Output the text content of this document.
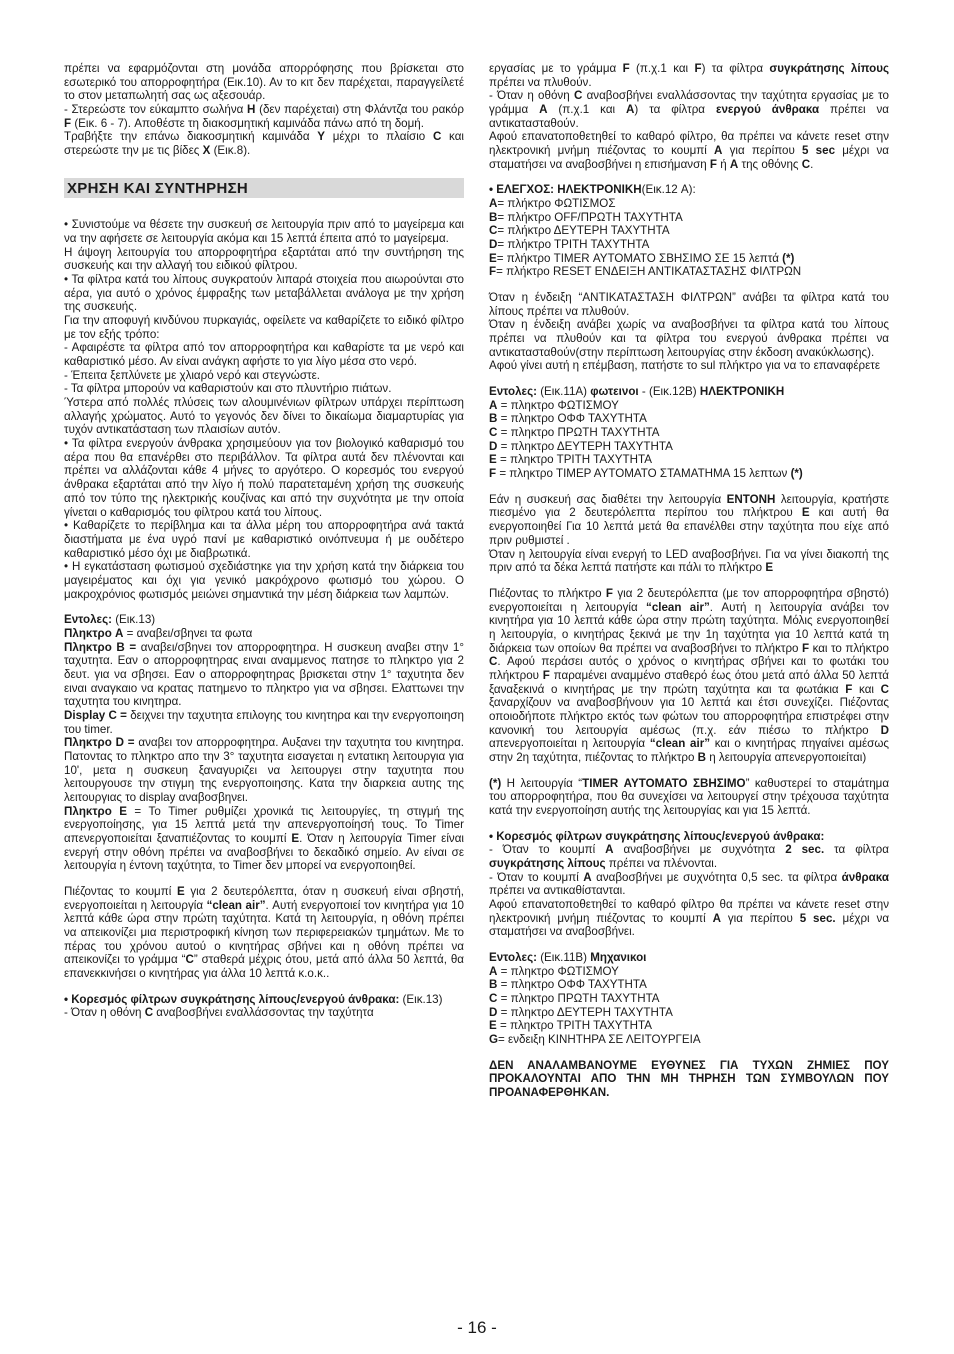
πρέπει να εφαρμόζονται στη μονάδα απορρόφησης που βρίσκεται στο εσωτερικό του απορροφητήρα (Εικ.10). Αν το κιτ δεν παρέχεται, παραγγείλετέ το στον μεταπωλητή σας ως αξεσουάρ.
- Στερεώστε τον εύκαμπτο σωλήνα H (δεν παρέχεται) στη Φλάντζα του ρακόρ F (Εικ. 6 - 7). Αποθέστε τη διακοσμητική καμινάδα πάνω από τη δομή.
Τραβήξτε την επάνω διακοσμητική καμινάδα Y μέχρι το πλαίσιο C και στερεώστε την με τις βίδες X (Εικ.8).
ΧΡΗΣΗ ΚΑΙ ΣΥΝΤΗΡΗΣΗ
• Συνιστούμε να θέσετε την συσκευή σε λειτουργία πριν από το μαγείρεμα και να την αφήσετε σε λειτουργία ακόμα και 15 λεπτά έπειτα από το μαγείρεμα.
Η άψογη λειτουργία του απορροφητήρα εξαρτάται από την συντήρηση της συσκευής και την αλλαγή του ειδικού φίλτρου.
• Τα φίλτρα κατά του λίπους συγκρατούν λιπαρά στοιχεία που αιωρούνται στο αέρα, για αυτό ο χρόνος έμφραξης των μεταβάλλεται ανάλογα με την χρήση της συσκευής.
Για την αποφυγή κινδύνου πυρκαγιάς, οφείλετε να καθαρίζετε το ειδικό φίλτρο με τον εξής τρόπο:
- Αφαιρέστε τα φίλτρα από τον απορροφητήρα και καθαρίστε τα με νερό και καθαριστικό μέσο. Αν είναι ανάγκη αφήστε το για λίγο μέσα στο νερό.
- Έπειτα ξεπλύνετε με χλιαρό νερό και στεγνώστε.
- Τα φίλτρα μπορούν να καθαριστούν και στο πλυντήριο πιάτων.
Ύστερα από πολλές πλύσεις των αλουμινένιων φίλτρων υπάρχει περίπτωση αλλαγής χρώματος. Αυτό το γεγονός δεν δίνει το δικαίωμα διαμαρτυρίας για τυχόν αντικατάσταση των πλαισίων αυτόν.
• Τα φίλτρα ενεργούν άνθρακα χρησιμεύουν για τον βιολογικό καθαρισμό του αέρα που θα επανέρθει στο περιβάλλον. Τα φίλτρα αυτά δεν πλένονται και πρέπει να αλλάζονται κάθε 4 μήνες το αργότερο. Ο κορεσμός του ενεργού άνθρακα εξαρτάται από την λίγο ή πολύ παρατεταμένη χρήση της συσκευής από τον τύπο της ηλεκτρικής κουζίνας και από την συχνότητα με την οποία γίνεται ο καθαρισμός του φίλτρου κατά του λίπους.
• Καθαρίζετε το περίβλημα και τα άλλα μέρη του απορροφητήρα ανά τακτά διαστήματα με ένα υγρό πανί με καθαριστικό οινόπνευμα ή με ουδέτερο καθαριστικό μέσο όχι με διαβρωτικά.
• Η εγκατάσταση φωτισμού σχεδιάστηκε για την χρήση κατά την διάρκεια του μαγειρέματος και όχι για γενικό μακρόχρονο φωτισμό του χώρου. Ο μακροχρόνιος φωτισμός μειώνει σημαντικά την μέση διάρκεια των λαμπών.
Εντολες: (Εικ.13)
Πληκτρο A = αναβει/σβηνει τα φωτα
Πληκτρο B = αναβει/σβηνει τον απορροφητηρα. Η συσκευη αναβει στην 1° ταχυτητα. Εαν ο απορροφητηρας ειναι αναμμενος πατησε το πληκτρο για 2 δευτ. για να σβησει. Εαν ο απορροφητηρας βρισκεται στην 1° ταχυτητα δεν ειναι αναγκαιο να κρατας πατημενο το πληκτρο για να σβησει. Ελαττωνει την ταχυτητα του κινητηρα.
Display C = δειχνει την ταχυτητα επιλογης του κινητηρα και την ενεργοποιηση του timer.
Πληκτρο D = αναβει τον απορροφητηρα. Αυξανει την ταχυτητα του κινητηρα. Πατοντας το πληκτρο απο την 3° ταχυτητα εισαγεται η εντατικη λειτουργια για 10', μετα η συσκευη ξαναγυριζει να λειτουργει στην ταχυτητα που λειτουργουσε την στιγμη της ενεργοποιησης. Κατα την διαρκεια αυτης της λειτουργιας το display αναβοσβηνει.
Πληκτρο E = Το Timer ρυθμίζει χρονικά τις λειτουργίες, τη στιγμή της ενεργοποίησης, για 15 λεπτά μετά την απενεργοποίησή τους. Το Timer απενεργοποιείται ξαναπιέζοντας το κουμπί E. Όταν η λειτουργία Timer είναι ενεργή στην οθόνη πρέπει να αναβοσβήνει το δεκαδικό σημείο. Αν είναι σε λειτουργία η έντονη ταχύτητα, το Timer δεν μπορεί να ενεργοποιηθεί.
Πιέζοντας το κουμπί E για 2 δευτερόλεπτα, όταν η συσκευή είναι σβηστή, ενεργοποιείται η λειτουργία “clean air”. Αυτή ενεργοποιεί τον κινητήρα για 10 λεπτά κάθε ώρα στην πρώτη ταχύτητα. Κατά τη λειτουργία, η οθόνη πρέπει να απεικονίζει μια περιστροφική κίνηση των περιφερειακών τμημάτων. Με το πέρας του χρόνου αυτού ο κινητήρας σβήνει και η οθόνη πρέπει να απεικονίζει το γράμμα “C” σταθερά μέχρις ότου, μετά από άλλα 50 λεπτά, θα επανεκκινήσει ο κινητήρας για άλλα 10 λεπτά κ.ο.κ..
• Κορεσμός φίλτρων συγκράτησης λίπους/ενεργού άνθρακα: (Εικ.13)
- Όταν η οθόνη C αναβοσβήνει εναλλάσσοντας την ταχύτητα
εργασίας με το γράμμα F (π.χ.1 και F) τα φίλτρα συγκράτησης λίπους πρέπει να πλυθούν.
- Όταν η οθόνη C αναβοσβήνει εναλλάσσοντας την ταχύτητα εργασίας με το γράμμα A (π.χ.1 και A) τα φίλτρα ενεργού άνθρακα πρέπει να αντικατασταθούν.
Αφού επανατοποθετηθεί το καθαρό φίλτρο, θα πρέπει να κάνετε reset στην ηλεκτρονική μνήμη πιέζοντας το κουμπί A για περίπου 5 sec μέχρι να σταματήσει να αναβοσβήνει η επισήμανση F ή A της οθόνης C.
• ΕΛΕΓΧΟΣ: ΗΛΕΚΤΡΟΝΙΚΗ(Εικ.12 A):
A= πλήκτρο ΦΩΤΙΣΜΟΣ
B= πλήκτρο OFF/ΠΡΩΤΗ ΤΑΧΥΤΗΤΑ
C= πλήκτρο ΔΕΥΤΕΡΗ ΤΑΧΥΤΗΤΑ
D= πλήκτρο ΤΡΙΤΗ ΤΑΧΥΤΗΤΑ
E= πλήκτρο TIMER ΑΥΤΟΜΑΤΟ ΣΒΗΣΙΜΟ ΣΕ 15 λεπτά (*)
F= πλήκτρο RESET ΕΝΔΕΙΞΗ ΑΝΤΙΚΑΤΑΣΤΑΣΗΣ ΦΙΛΤΡΩΝ
Όταν η ένδειξη “ΑΝΤΙΚΑΤΑΣΤΑΣΗ ΦΙΛΤΡΩΝ” ανάβει τα φίλτρα κατά του λίπους πρέπει να πλυθούν.
Όταν η ένδειξη ανάβει χωρίς να αναβοσβήνει τα φίλτρα κατά του λίπους πρέπει να πλυθούν και τα φίλτρα του ενεργού άνθρακα πρέπει να αντικατασταθούν(στην περίπτωση λειτουργίας στην έκδοση ανακύκλωσης).
Αφού γίνει αυτή η επέμβαση, πατήστε το sul πλήκτρο για να το επαναφέρετε
Εντολες: (Εικ.11A) φωτεινοι - (Εικ.12B) ΗΛΕΚΤΡΟΝΙΚΗ
A = πληκτρο ΦΩΤΙΣΜΟΥ
B = πληκτρο ΟΦΦ ΤΑΧΥΤΗΤΑ
C = πληκτρο ΠΡΩΤΗ ΤΑΧΥΤΗΤΑ
D = πληκτρο ΔΕΥΤΕΡΗ ΤΑΧΥΤΗΤΑ
E = πληκτρο ΤΡΙΤΗ ΤΑΧΥΤΗΤΑ
F = πληκτρο ΤΙΜΕΡ ΑΥΤΟΜΑΤΟ ΣΤΑΜΑΤΗΜΑ 15 λεπτων (*)
Εάν η συσκευή σας διαθέτει την λειτουργία ΕΝΤΟΝΗ λειτουργία, κρατήστε πιεσμένο για 2 δευτερόλεπτα περίπου του πλήκτρου E και αυτή θα ενεργοποιηθεί Για 10 λεπτά μετά θα επανέλθει στην ταχύτητα που είχε από πριν ρυθμιστεί .
Όταν η λειτουργία είναι ενεργή το LED αναβοσβήνει. Για να γίνει διακοπή της πριν από τα δέκα λεπτά πατήστε και πάλι το πλήκτρο E
Πιέζοντας το πλήκτρο F για 2 δευτερόλεπτα (με τον απορροφητήρα σβηστό) ενεργοποιείται η λειτουργία “clean air”. Αυτή η λειτουργία ανάβει τον κινητήρα για 10 λεπτά κάθε ώρα στην πρώτη ταχύτητα. Μόλις ενεργοποιηθεί η λειτουργία, ο κινητήρας ξεκινά με την 1η ταχύτητα για 10 λεπτά κατά τη διάρκεια των οποίων θα πρέπει να αναβοσβήνει το πλήκτρο F και το πλήκτρο C. Αφού περάσει αυτός ο χρόνος ο κινητήρας σβήνει και το φωτάκι του πλήκτρου F παραμένει αναμμένο σταθερό έως ότου μετά από άλλα 50 λεπτά ξαναξεκινά ο κινητήρας με την πρώτη ταχύτητα και τα φωτάκια F και C ξαναρχίζουν να αναβοσβήνουν για 10 λεπτά και έτσι συνεχίζει. Πιέζοντας οποιοδήποτε πλήκτρο εκτός των φώτων του απορροφητήρα επιστρέφει στην κανονική του λειτουργία αμέσως (π.χ. εάν πιέσω το πλήκτρο D απενεργοποιείται η λειτουργία “clean air” και ο κινητήρας πηγαίνει αμέσως στην 2η ταχύτητα, πιέζοντας το πλήκτρο B η λειτουργία απενεργοποιείται)
(*) Η λειτουργία “TIMER ΑΥΤΟΜΑΤΟ ΣΒΗΣΙΜΟ” καθυστερεί το σταμάτημα του απορροφητήρα, που θα συνεχίσει να λειτουργεί στην τρέχουσα ταχύτητα κατά την ενεργοποίηση αυτής της λειτουργίας και για 15 λεπτά.
• Κορεσμός φίλτρων συγκράτησης λίπους/ενεργού άνθρακα:
- Όταν το κουμπί A αναβοσβήνει με συχνότητα 2 sec. τα φίλτρα συγκράτησης λίπους πρέπει να πλένονται.
- Όταν το κουμπί A αναβοσβήνει με συχνότητα 0,5 sec. τα φίλτρα άνθρακα πρέπει να αντικαθίστανται.
Αφού επανατοποθετηθεί το καθαρό φίλτρο θα πρέπει να κάνετε reset στην ηλεκτρονική μνήμη πιέζοντας το κουμπί A για περίπου 5 sec. μέχρι να σταματήσει να αναβοσβήνει.
Εντολες: (Εικ.11B) Μηχανικοι
A = πληκτρο ΦΩΤΙΣΜΟΥ
B = πληκτρο ΟΦΦ ΤΑΧΥΤΗΤΑ
C = πληκτρο ΠΡΩΤΗ ΤΑΧΥΤΗΤΑ
D = πληκτρο ΔΕΥΤΕΡΗ ΤΑΧΥΤΗΤΑ
E = πληκτρο ΤΡΙΤΗ ΤΑΧΥΤΗΤΑ
G= ενδειξη ΚΙΝΗΤΗΡΑ ΣΕ ΛΕΙΤΟΥΡΓΕΙΑ
ΔΕΝ ΑΝΑΛΑΜΒΑΝΟΥΜΕ ΕΥΘΥΝΕΣ ΓΙΑ ΤΥΧΩΝ ΖΗΜΙΕΣ ΠΟΥ ΠΡΟΚΑΛΟΥΝΤΑΙ ΑΠΟ ΤΗΝ ΜΗ ΤΗΡΗΣΗ ΤΩΝ ΣΥΜΒΟΥΛΩΝ ΠΟΥ ΠΡΟΑΝΑΦΕΡΘΗΚΑΝ.
- 16 -
